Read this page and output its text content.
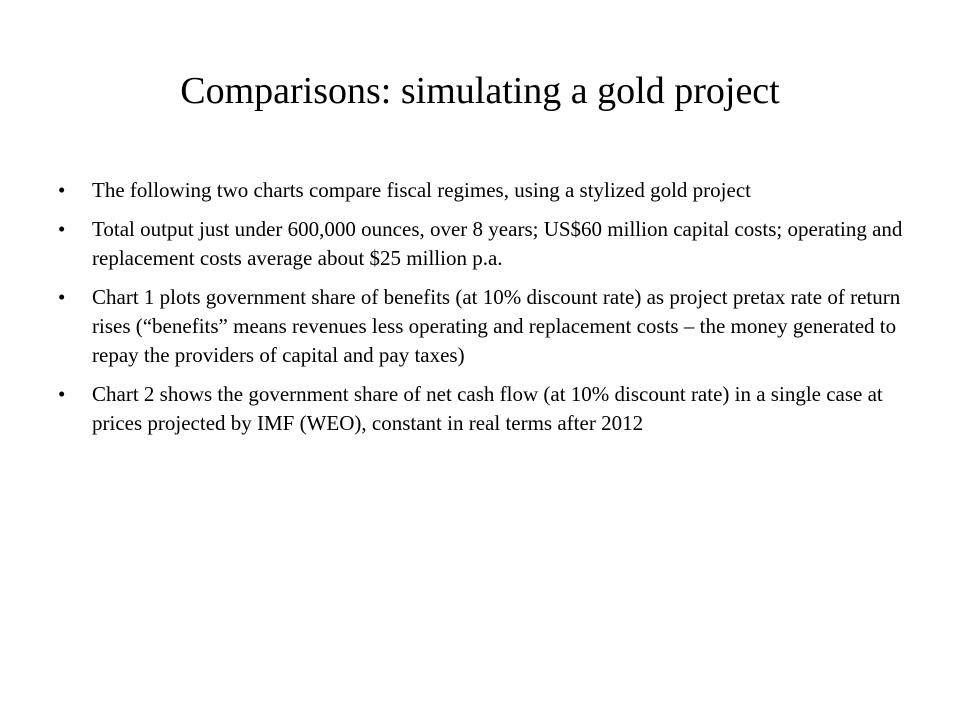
Comparisons: simulating a gold project
•	The following two charts compare fiscal regimes, using a stylized gold project
•	Total output just under 600,000 ounces, over 8 years; US$60 million capital costs; operating and replacement costs average about $25 million p.a.
•	Chart 1 plots government share of benefits (at 10% discount rate) as project pretax rate of return rises (“benefits” means revenues less operating and replacement costs – the money generated to repay the providers of capital and pay taxes)
•	Chart 2 shows the government share of net cash flow (at 10% discount rate) in a single case at prices projected by IMF (WEO), constant in real terms after 2012
